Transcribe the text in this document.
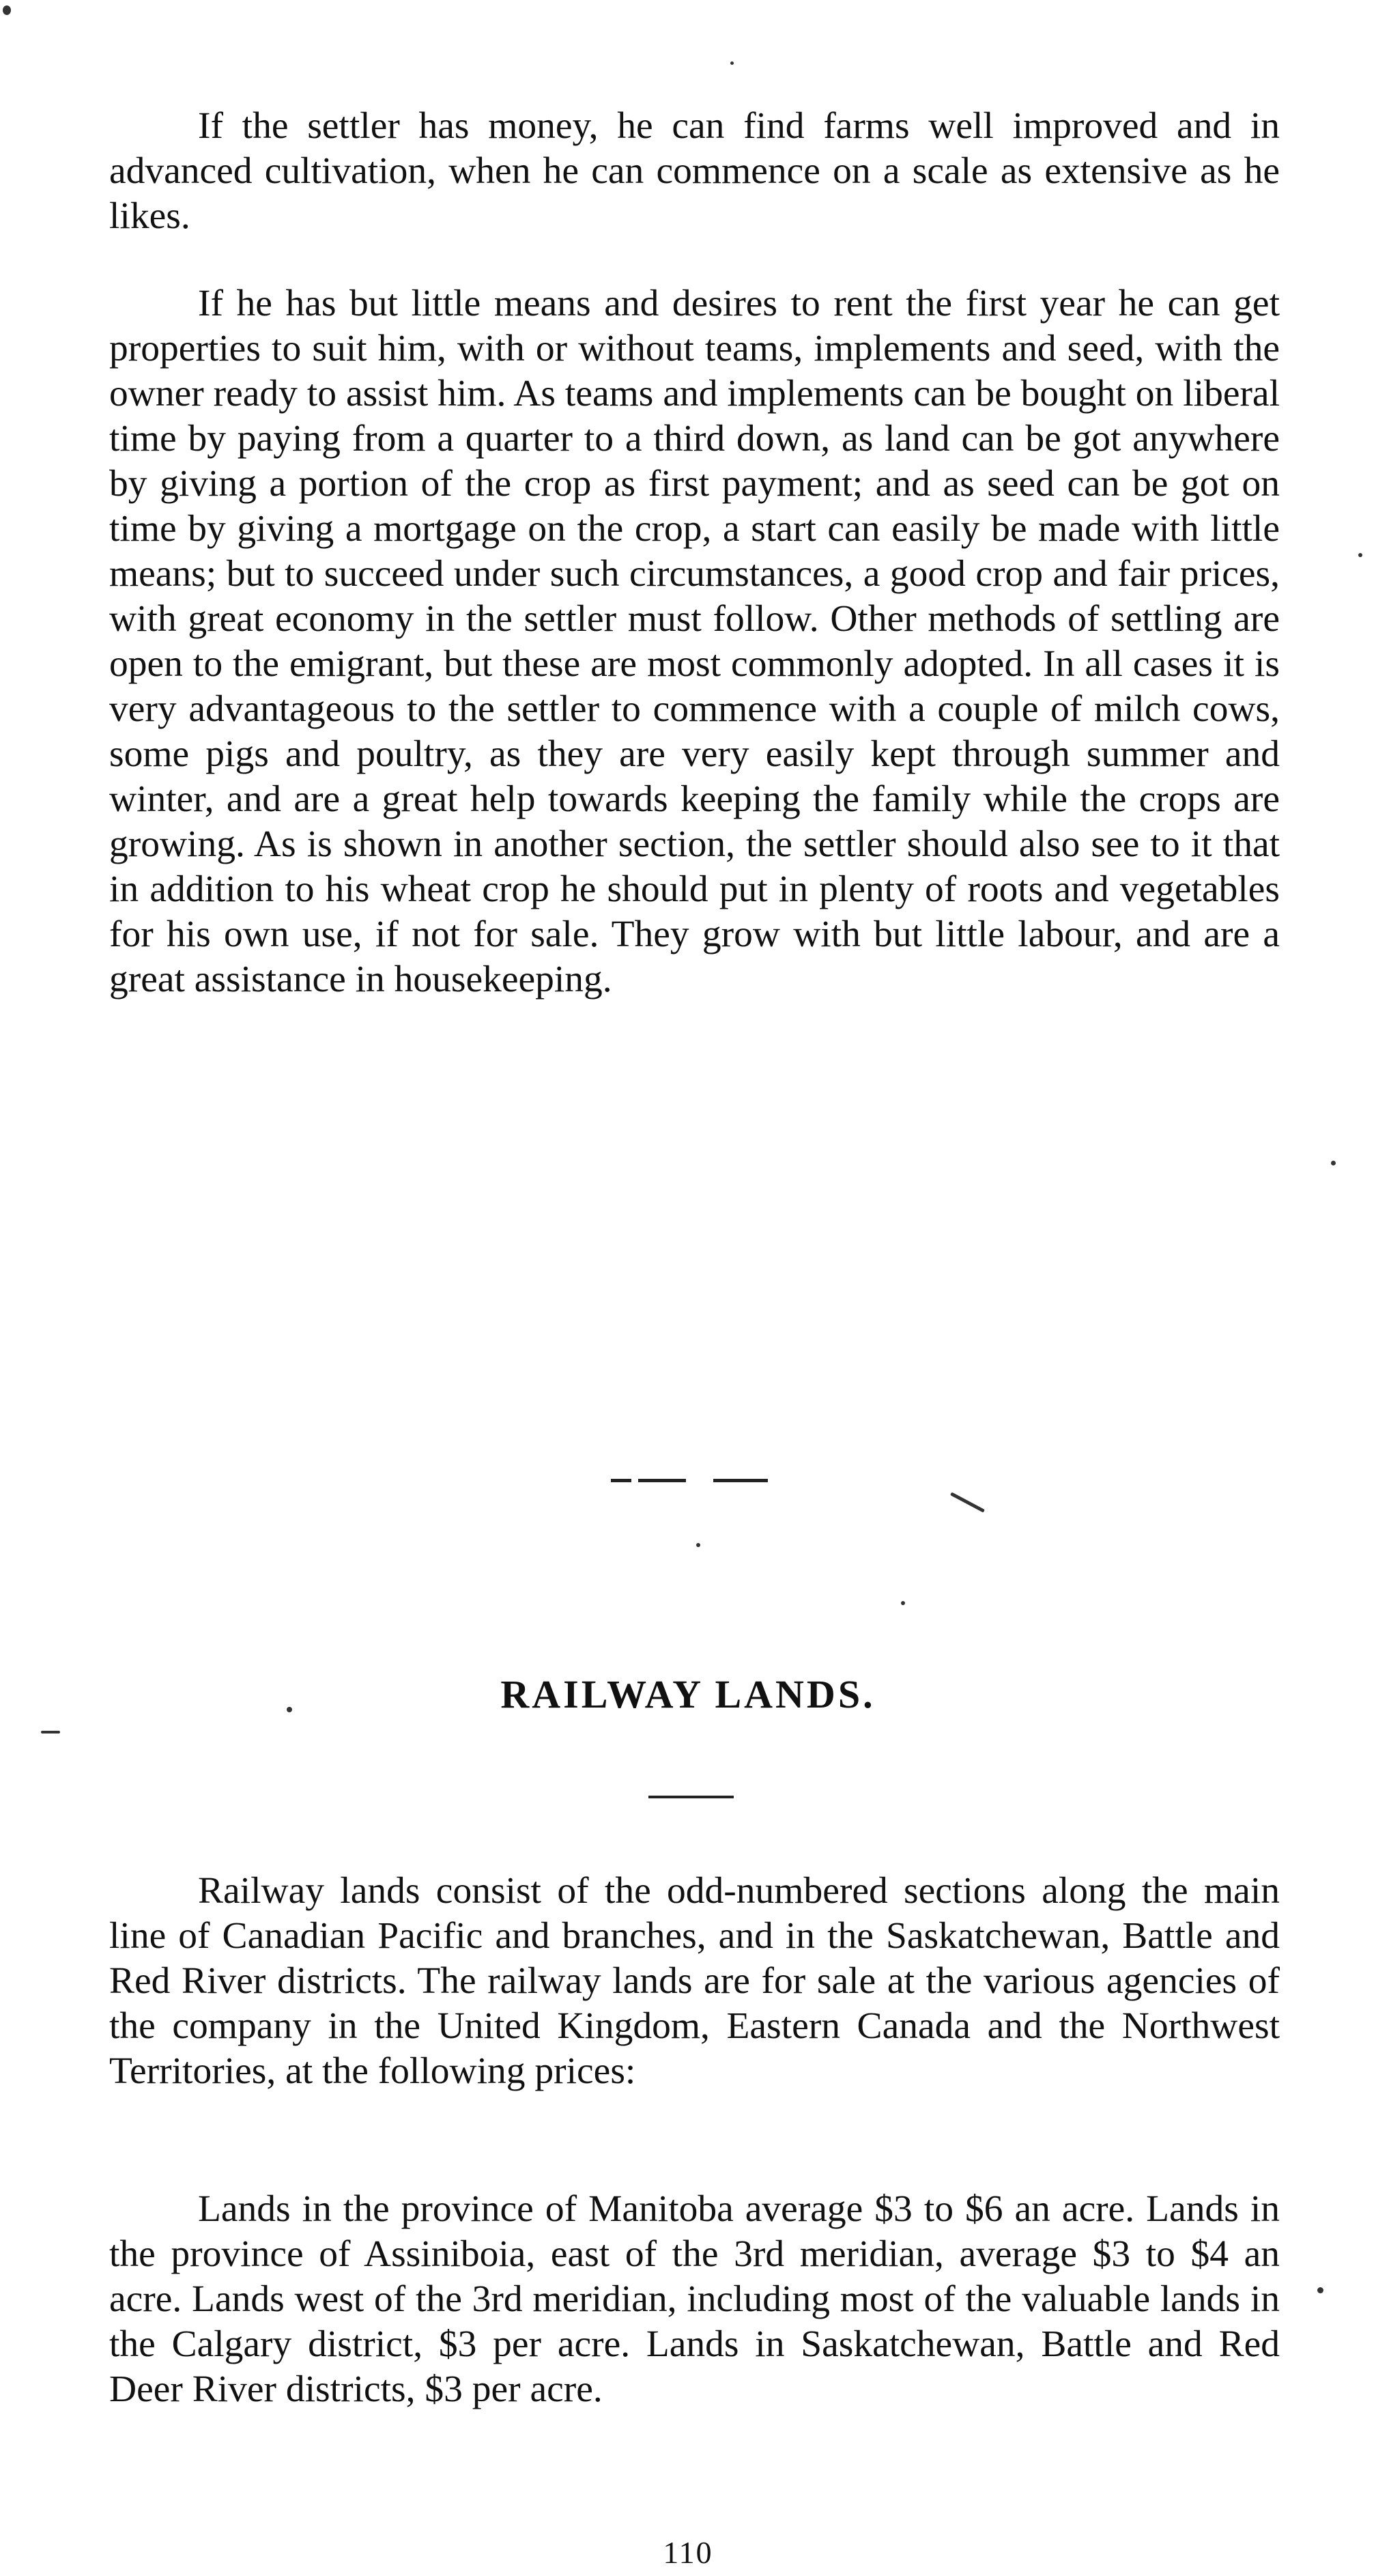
If the settler has money, he can find farms well improved and in advanced cultivation, when he can commence on a scale as extensive as he likes.

If he has but little means and desires to rent the first year he can get properties to suit him, with or without teams, implements and seed, with the owner ready to assist him. As teams and implements can be bought on liberal time by paying from a quarter to a third down, as land can be got anywhere by giving a portion of the crop as first payment; and as seed can be got on time by giving a mortgage on the crop, a start can easily be made with little means; but to succeed under such circumstances, a good crop and fair prices, with great economy in the settler must follow. Other methods of settling are open to the emigrant, but these are most commonly adopted. In all cases it is very advantageous to the settler to commence with a couple of milch cows, some pigs and poultry, as they are very easily kept through summer and winter, and are a great help towards keeping the family while the crops are growing. As is shown in another section, the settler should also see to it that in addition to his wheat crop he should put in plenty of roots and vegetables for his own use, if not for sale. They grow with but little labour, and are a great assistance in housekeeping.

RAILWAY LANDS.

Railway lands consist of the odd-numbered sections along the main line of Canadian Pacific and branches, and in the Saskatchewan, Battle and Red River districts. The railway lands are for sale at the various agencies of the company in the United Kingdom, Eastern Canada and the Northwest Territories, at the following prices:

Lands in the province of Manitoba average $3 to $6 an acre. Lands in the province of Assiniboia, east of the 3rd meridian, average $3 to $4 an acre. Lands west of the 3rd meridian, including most of the valuable lands in the Calgary district, $3 per acre. Lands in Saskatchewan, Battle and Red Deer River districts, $3 per acre.

110
